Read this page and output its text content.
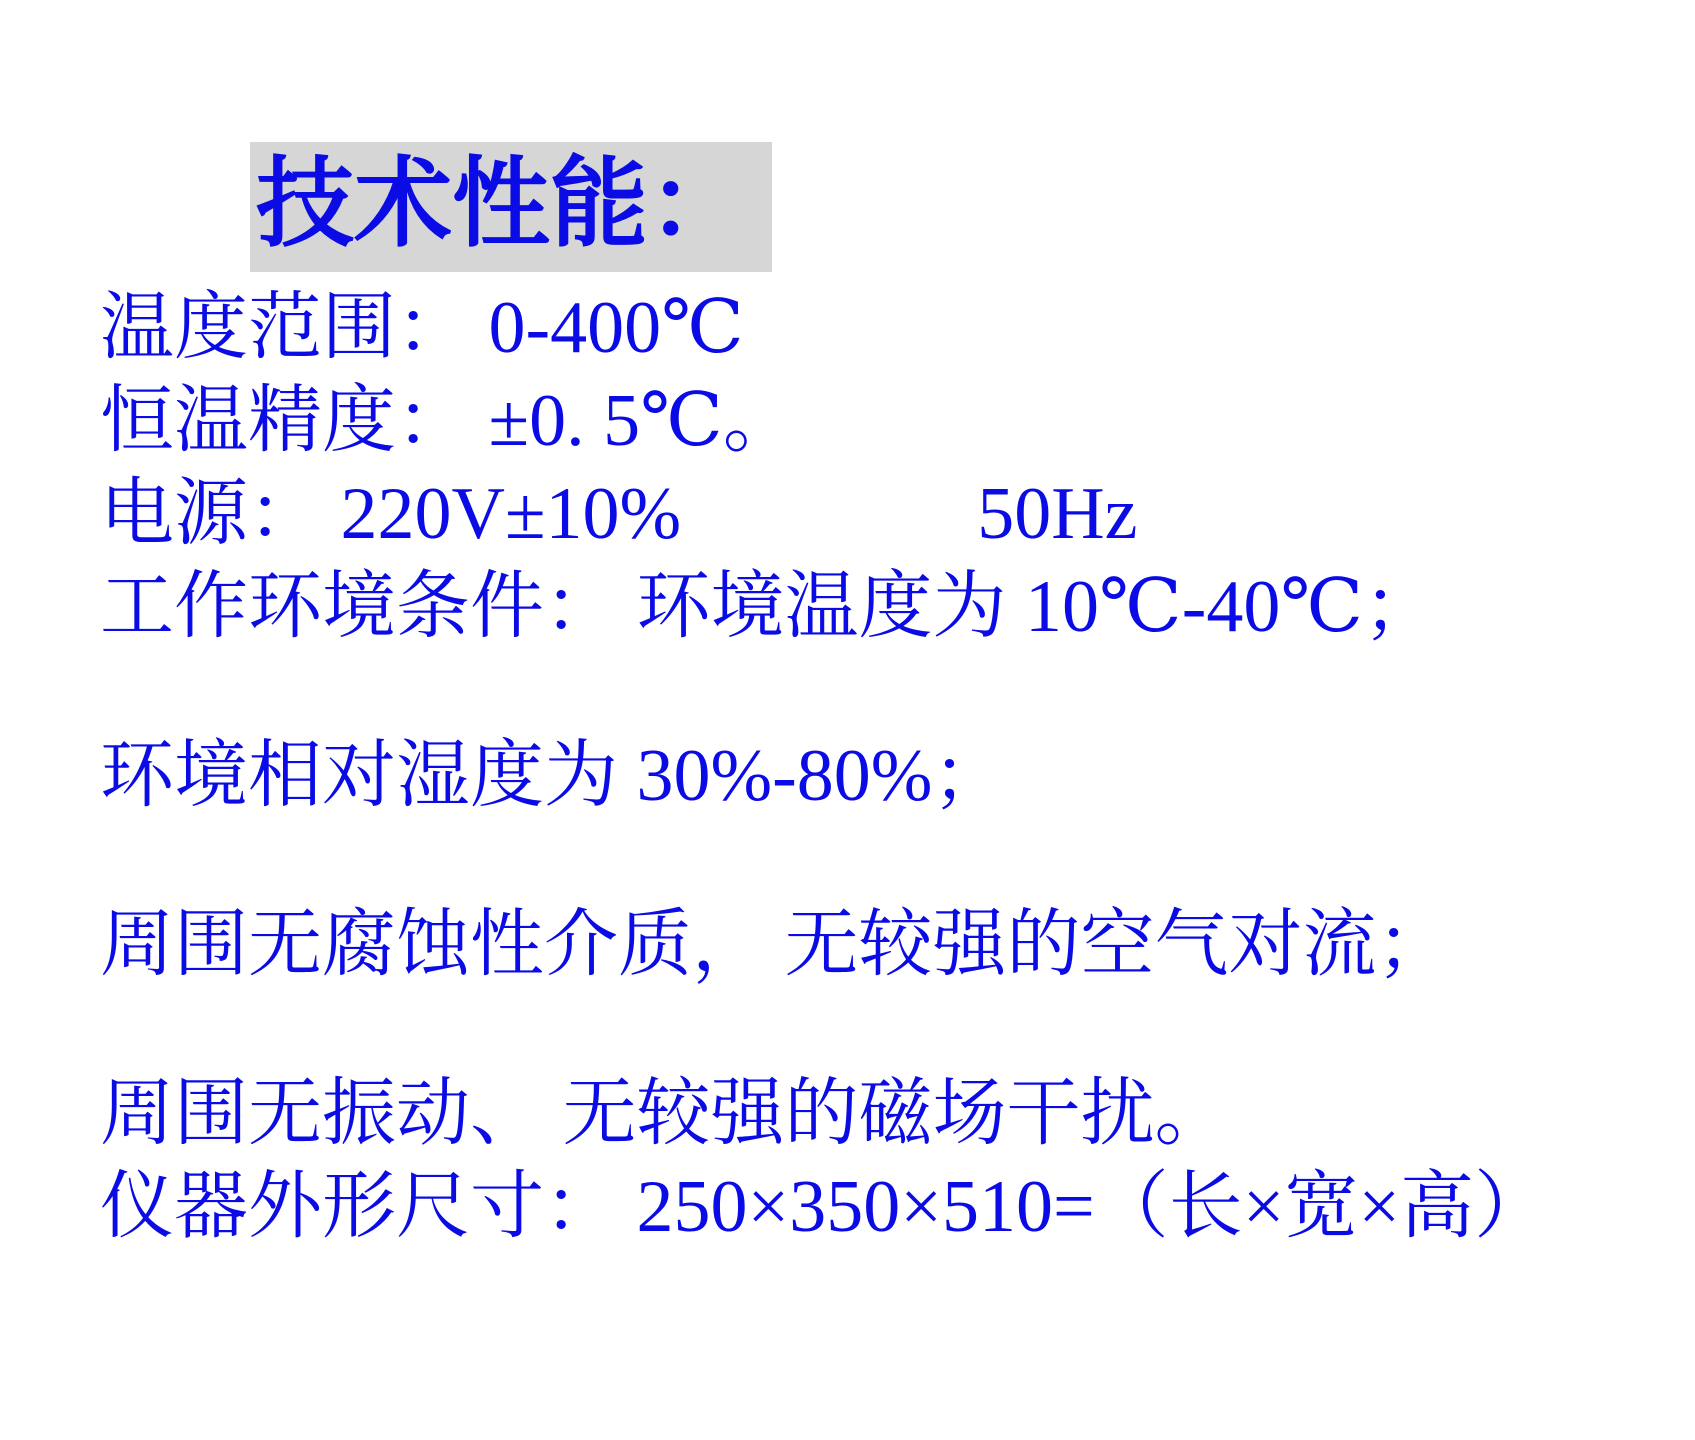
技术性能：
温度范围： 0-400℃
恒温精度： ±0. 5℃。
电源： 220V±10%　　　　50Hz
工作环境条件： 环境温度为 10℃-40℃；
环境相对湿度为 30%-80%；
周围无腐蚀性介质， 无较强的空气对流；
周围无振动、 无较强的磁场干扰。
仪器外形尺寸： 250×350×510=（长×宽×高）
